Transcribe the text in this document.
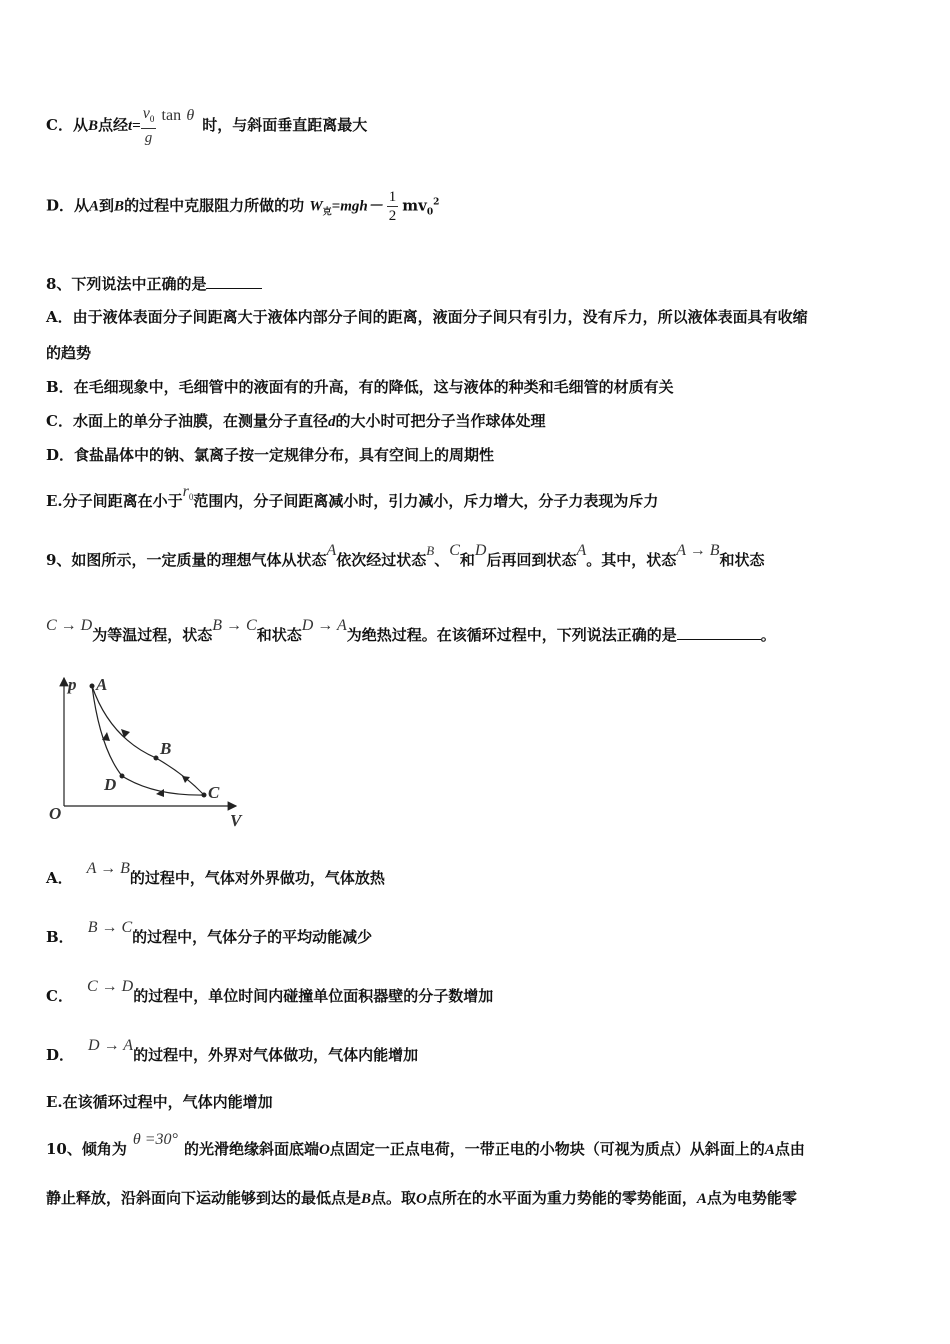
C．从B点经$t= \frac{v_0}{g}$ tan θ时，与斜面垂直距离最大
D．从A到B的过程中克服阻力所做的功 $W_克=mgh- \frac{1}{2} mv_0^2$
8、下列说法中正确的是
A．由于液体表面分子间距离大于液体内部分子间的距离，液面分子间只有引力，没有斥力，所以液体表面具有收缩
的趋势
B．在毛细现象中，毛细管中的液面有的升高，有的降低，这与液体的种类和毛细管的材质有关
C．水面上的单分子油膜，在测量分子直径d的大小时可把分子当作球体处理
D．食盐晶体中的钠、氯离子按一定规律分布，具有空间上的周期性
E.分子间距离在小于$r_0$范围内，分子间距离减小时，引力减小，斥力增大，分子力表现为斥力
9、如图所示，一定质量的理想气体从状态A依次经过状态B、C和D后再回到状态A。其中，状态A → B和状态
C → D为等温过程，状态B → C和状态D → A为绝热过程。在该循环过程中，下列说法正确的是	。
p A
B
D	C
O	V
A．A → B的过程中，气体对外界做功，气体放热
B．B → C的过程中，气体分子的平均动能减少
C．C → D的过程中，单位时间内碰撞单位面积器壁的分子数增加
D．D → A的过程中，外界对气体做功，气体内能增加
E.在该循环过程中，气体内能增加
10、倾角为θ =30°的光滑绝缘斜面底端O点固定一正点电荷，一带正电的小物块（可视为质点）从斜面上的A点由
静止释放，沿斜面向下运动能够到达的最低点是B点。取O点所在的水平面为重力势能的零势能面，A点为电势能零
